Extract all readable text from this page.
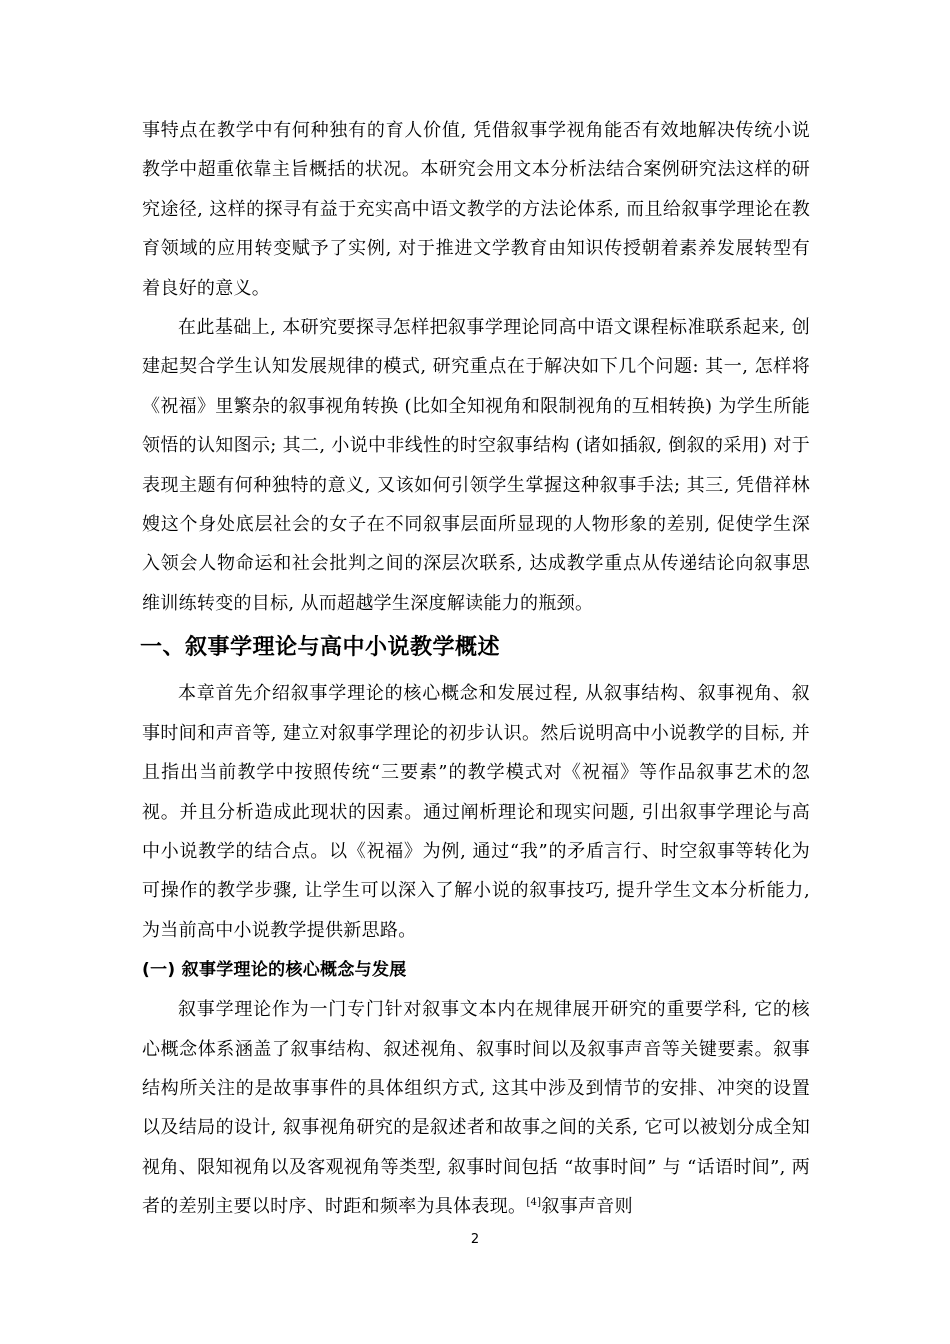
事特点在教学中有何种独有的育人价值, 凭借叙事学视角能否有效地解决传统小说教学中超重依靠主旨概括的状况。本研究会用文本分析法结合案例研究法这样的研究途径, 这样的探寻有益于充实高中语文教学的方法论体系, 而且给叙事学理论在教育领域的应用转变赋予了实例, 对于推进文学教育由知识传授朝着素养发展转型有着良好的意义。

在此基础上, 本研究要探寻怎样把叙事学理论同高中语文课程标准联系起来, 创建起契合学生认知发展规律的模式, 研究重点在于解决如下几个问题: 其一, 怎样将《祝福》里繁杂的叙事视角转换 (比如全知视角和限制视角的互相转换) 为学生所能领悟的认知图示; 其二, 小说中非线性的时空叙事结构 (诸如插叙, 倒叙的采用) 对于表现主题有何种独特的意义, 又该如何引领学生掌握这种叙事手法; 其三, 凭借祥林嫂这个身处底层社会的女子在不同叙事层面所显现的人物形象的差别, 促使学生深入领会人物命运和社会批判之间的深层次联系, 达成教学重点从传递结论向叙事思维训练转变的目标, 从而超越学生深度解读能力的瓶颈。

一、叙事学理论与高中小说教学概述

本章首先介绍叙事学理论的核心概念和发展过程, 从叙事结构、叙事视角、叙事时间和声音等, 建立对叙事学理论的初步认识。然后说明高中小说教学的目标, 并且指出当前教学中按照传统“三要素”的教学模式对《祝福》等作品叙事艺术的忽视。并且分析造成此现状的因素。通过阐析理论和现实问题, 引出叙事学理论与高中小说教学的结合点。以《祝福》为例, 通过“我”的矛盾言行、时空叙事等转化为可操作的教学步骤, 让学生可以深入了解小说的叙事技巧, 提升学生文本分析能力, 为当前高中小说教学提供新思路。

(一) 叙事学理论的核心概念与发展

叙事学理论作为一门专门针对叙事文本内在规律展开研究的重要学科, 它的核心概念体系涵盖了叙事结构、叙述视角、叙事时间以及叙事声音等关键要素。叙事结构所关注的是故事事件的具体组织方式, 这其中涉及到情节的安排、冲突的设置以及结局的设计, 叙事视角研究的是叙述者和故事之间的关系, 它可以被划分成全知视角、限知视角以及客观视角等类型, 叙事时间包括 “故事时间” 与 “话语时间”, 两者的差别主要以时序、时距和频率为具体表现。[4]叙事声音则

2
